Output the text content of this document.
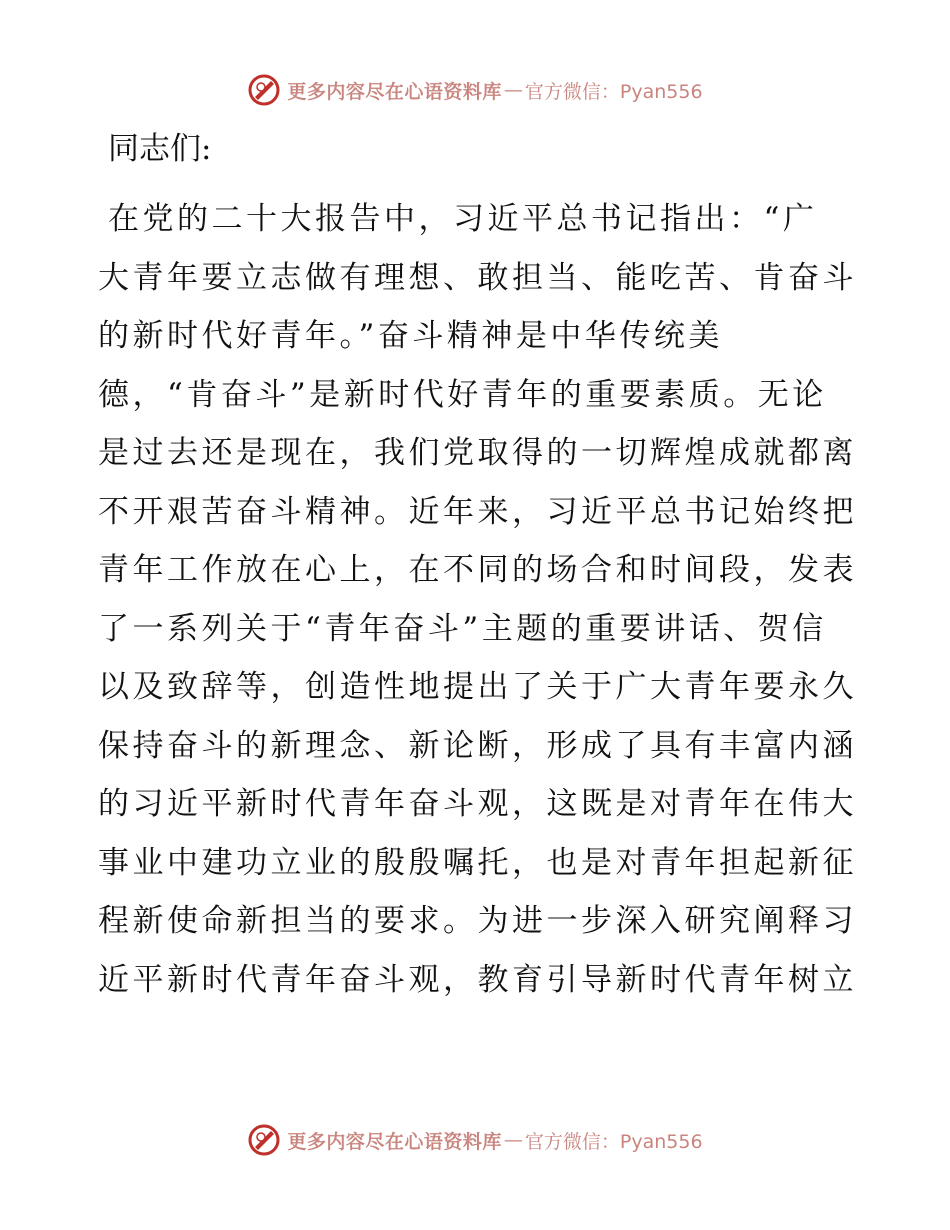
更多内容尽在心语资料库 — 官方微信：Pyan556

同志们:

在党的二十大报告中，习近平总书记指出：“广
大青年要立志做有理想、敢担当、能吃苦、肯奋斗
的新时代好青年。”奋斗精神是中华传统美
德，“肯奋斗”是新时代好青年的重要素质。无论
是过去还是现在，我们党取得的一切辉煌成就都离
不开艰苦奋斗精神。近年来，习近平总书记始终把
青年工作放在心上，在不同的场合和时间段，发表
了一系列关于“青年奋斗”主题的重要讲话、贺信
以及致辞等，创造性地提出了关于广大青年要永久
保持奋斗的新理念、新论断，形成了具有丰富内涵
的习近平新时代青年奋斗观，这既是对青年在伟大
事业中建功立业的殷殷嘱托，也是对青年担起新征
程新使命新担当的要求。为进一步深入研究阐释习
近平新时代青年奋斗观，教育引导新时代青年树立
更多内容尽在心语资料库 — 官方微信：Pyan556
